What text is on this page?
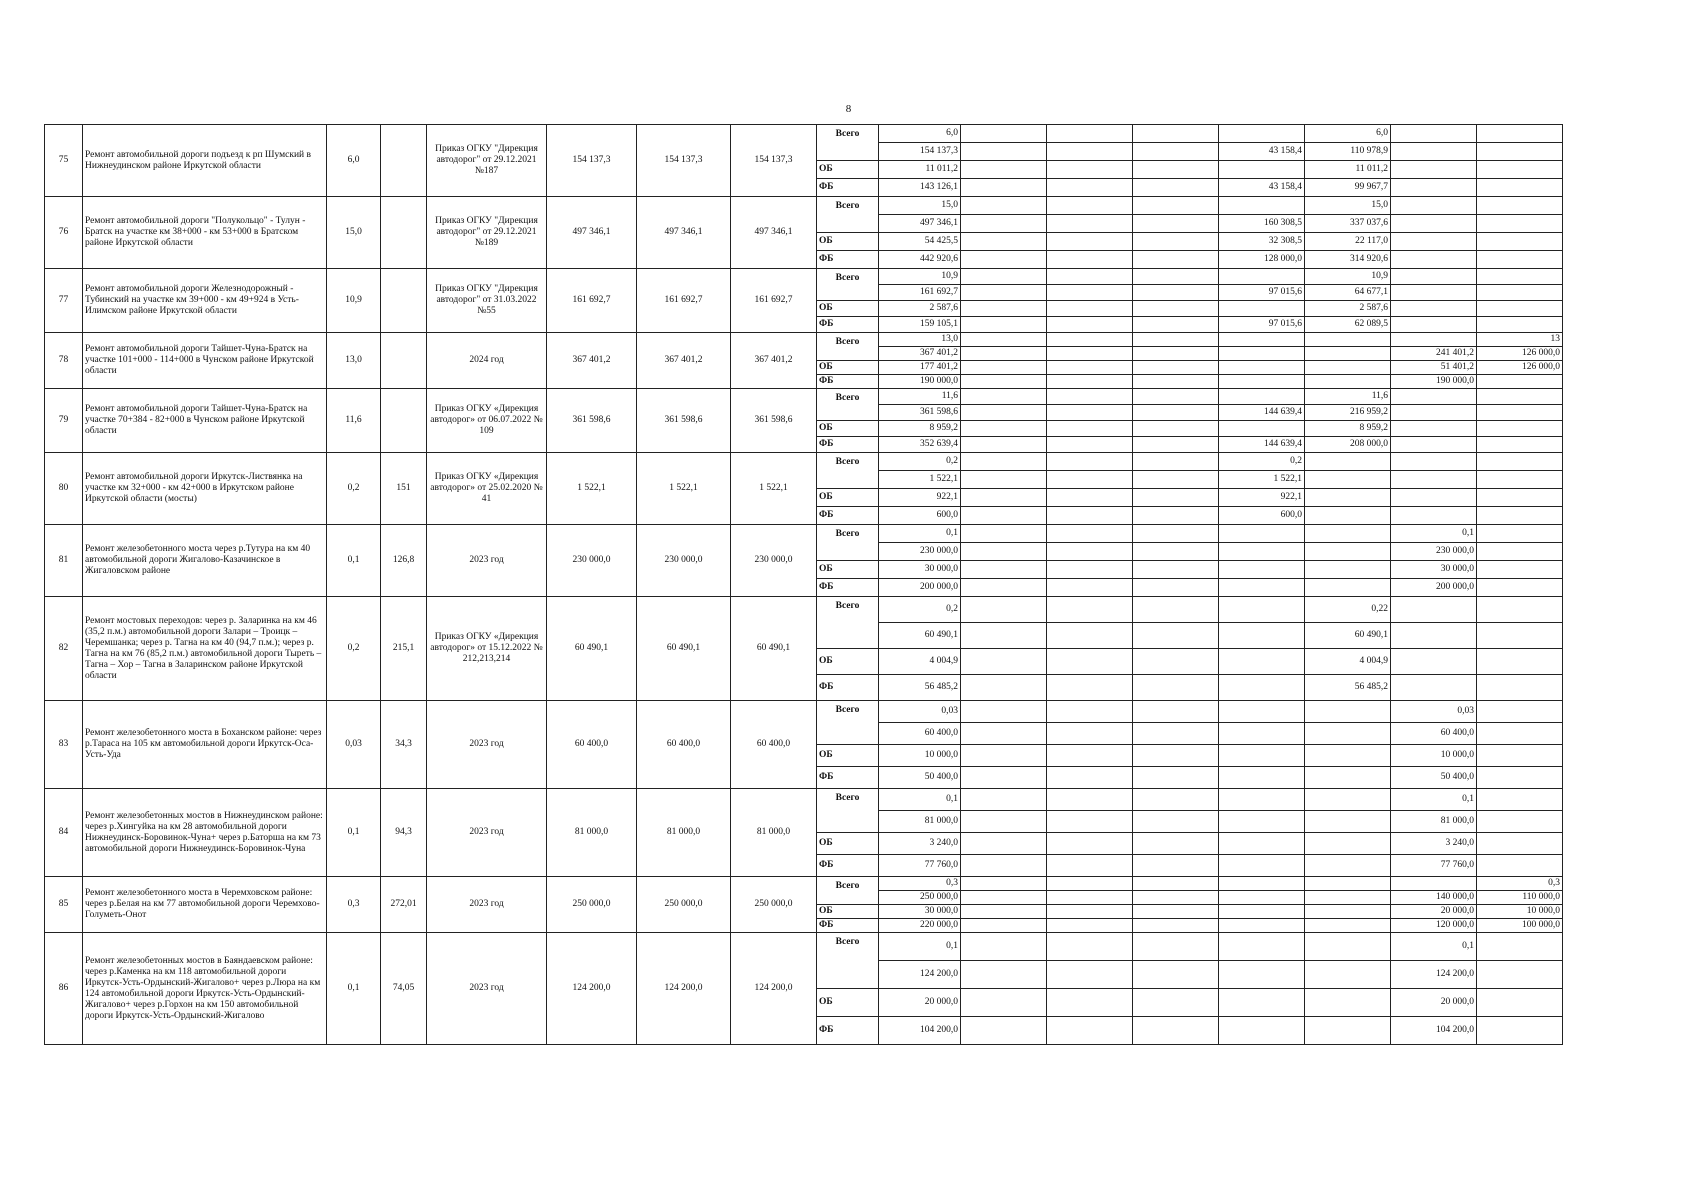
8
75	Ремонт автомобильной дороги подъезд к рп Шумский в Нижнеудинском районе Иркутской области	6,0		Приказ ОГКУ "Дирекция автодорог" от 29.12.2021 №187	154 137,3	154 137,3	154 137,3	Всего	6,0					6,0		
									154 137,3				43 158,4	110 978,9		
								ОБ	11 011,2					11 011,2		
								ФБ	143 126,1				43 158,4	99 967,7		
76	Ремонт автомобильной дороги "Полукольцо" - Тулун - Братск на участке км 38+000 - км 53+000 в Братском районе Иркутской области	15,0		Приказ ОГКУ "Дирекция автодорог" от 29.12.2021 №189	497 346,1	497 346,1	497 346,1	Всего	15,0					15,0		
									497 346,1				160 308,5	337 037,6		
								ОБ	54 425,5				32 308,5	22 117,0		
								ФБ	442 920,6				128 000,0	314 920,6		
77	Ремонт автомобильной дороги Железнодорожный - Тубинский на участке км 39+000 - км 49+924 в Усть-Илимском районе Иркутской области	10,9		Приказ ОГКУ "Дирекция автодорог" от 31.03.2022 №55	161 692,7	161 692,7	161 692,7	Всего	10,9					10,9		
									161 692,7				97 015,6	64 677,1		
								ОБ	2 587,6					2 587,6		
								ФБ	159 105,1				97 015,6	62 089,5		
78	Ремонт автомобильной дороги Тайшет-Чуна-Братск на участке 101+000 - 114+000 в Чунском районе Иркутской области	13,0		2024 год	367 401,2	367 401,2	367 401,2	Всего	13,0							13
									367 401,2						241 401,2	126 000,0
								ОБ	177 401,2						51 401,2	126 000,0
								ФБ	190 000,0						190 000,0	
79	Ремонт автомобильной дороги Тайшет-Чуна-Братск на участке 70+384 - 82+000 в Чунском районе Иркутской области	11,6		Приказ ОГКУ «Дирекция автодорог» от 06.07.2022 № 109	361 598,6	361 598,6	361 598,6	Всего	11,6					11,6		
									361 598,6				144 639,4	216 959,2		
								ОБ	8 959,2					8 959,2		
								ФБ	352 639,4				144 639,4	208 000,0		
80	Ремонт автомобильной дороги Иркутск-Листвянка на участке км 32+000 - км 42+000 в Иркутском районе Иркутской области (мосты)	0,2	151	Приказ ОГКУ «Дирекция автодорог» от 25.02.2020 № 41	1 522,1	1 522,1	1 522,1	Всего	0,2				0,2			
									1 522,1				1 522,1			
								ОБ	922,1				922,1			
								ФБ	600,0				600,0			
81	Ремонт железобетонного моста через р.Тутура на км 40 автомобильной дороги Жигалово-Казачинское в Жигаловском районе	0,1	126,8	2023 год	230 000,0	230 000,0	230 000,0	Всего	0,1						0,1	
									230 000,0						230 000,0	
								ОБ	30 000,0						30 000,0	
								ФБ	200 000,0						200 000,0	
82	Ремонт мостовых переходов: через р. Заларинка на км 46 (35,2 п.м.) автомобильной дороги Залари – Троицк – Черемшанка; через р. Тагна на км 40 (94,7 п.м.); через р. Тагна на км 76 (85,2 п.м.) автомобильной дороги Тыреть – Тагна – Хор – Тагна в Заларинском районе Иркутской области	0,2	215,1	Приказ ОГКУ «Дирекция автодорог» от 15.12.2022 № 212,213,214	60 490,1	60 490,1	60 490,1	Всего	0,2					0,22		
									60 490,1					60 490,1		
								ОБ	4 004,9					4 004,9		
								ФБ	56 485,2					56 485,2		
83	Ремонт железобетонного моста в Боханском районе: через р.Тараса на 105 км автомобильной дороги Иркутск-Оса-Усть-Уда	0,03	34,3	2023 год	60 400,0	60 400,0	60 400,0	Всего	0,03						0,03	
									60 400,0						60 400,0	
								ОБ	10 000,0						10 000,0	
								ФБ	50 400,0						50 400,0	
84	Ремонт железобетонных мостов в Нижнеудинском районе: через р.Хингуйка на км 28 автомобильной дороги Нижнеудинск-Боровинок-Чуна+ через р.Баторша на км 73 автомобильной дороги Нижнеудинск-Боровинок-Чуна	0,1	94,3	2023 год	81 000,0	81 000,0	81 000,0	Всего	0,1						0,1	
									81 000,0						81 000,0	
								ОБ	3 240,0						3 240,0	
								ФБ	77 760,0						77 760,0	
85	Ремонт железобетонного моста в Черемховском районе: через р.Белая на км 77 автомобильной дороги Черемхово-Голуметь-Онот	0,3	272,01	2023 год	250 000,0	250 000,0	250 000,0	Всего	0,3							0,3
									250 000,0						140 000,0	110 000,0
								ОБ	30 000,0						20 000,0	10 000,0
								ФБ	220 000,0						120 000,0	100 000,0
86	Ремонт железобетонных мостов в Баяндаевском районе: через р.Каменка на км 118 автомобильной дороги Иркутск-Усть-Ордынский-Жигалово+ через р.Люра на км 124 автомобильной дороги Иркутск-Усть-Ордынский-Жигалово+ через р.Горхон на км 150 автомобильной дороги Иркутск-Усть-Ордынский-Жигалово	0,1	74,05	2023 год	124 200,0	124 200,0	124 200,0	Всего	0,1						0,1	
									124 200,0						124 200,0	
								ОБ	20 000,0						20 000,0	
								ФБ	104 200,0						104 200,0	
